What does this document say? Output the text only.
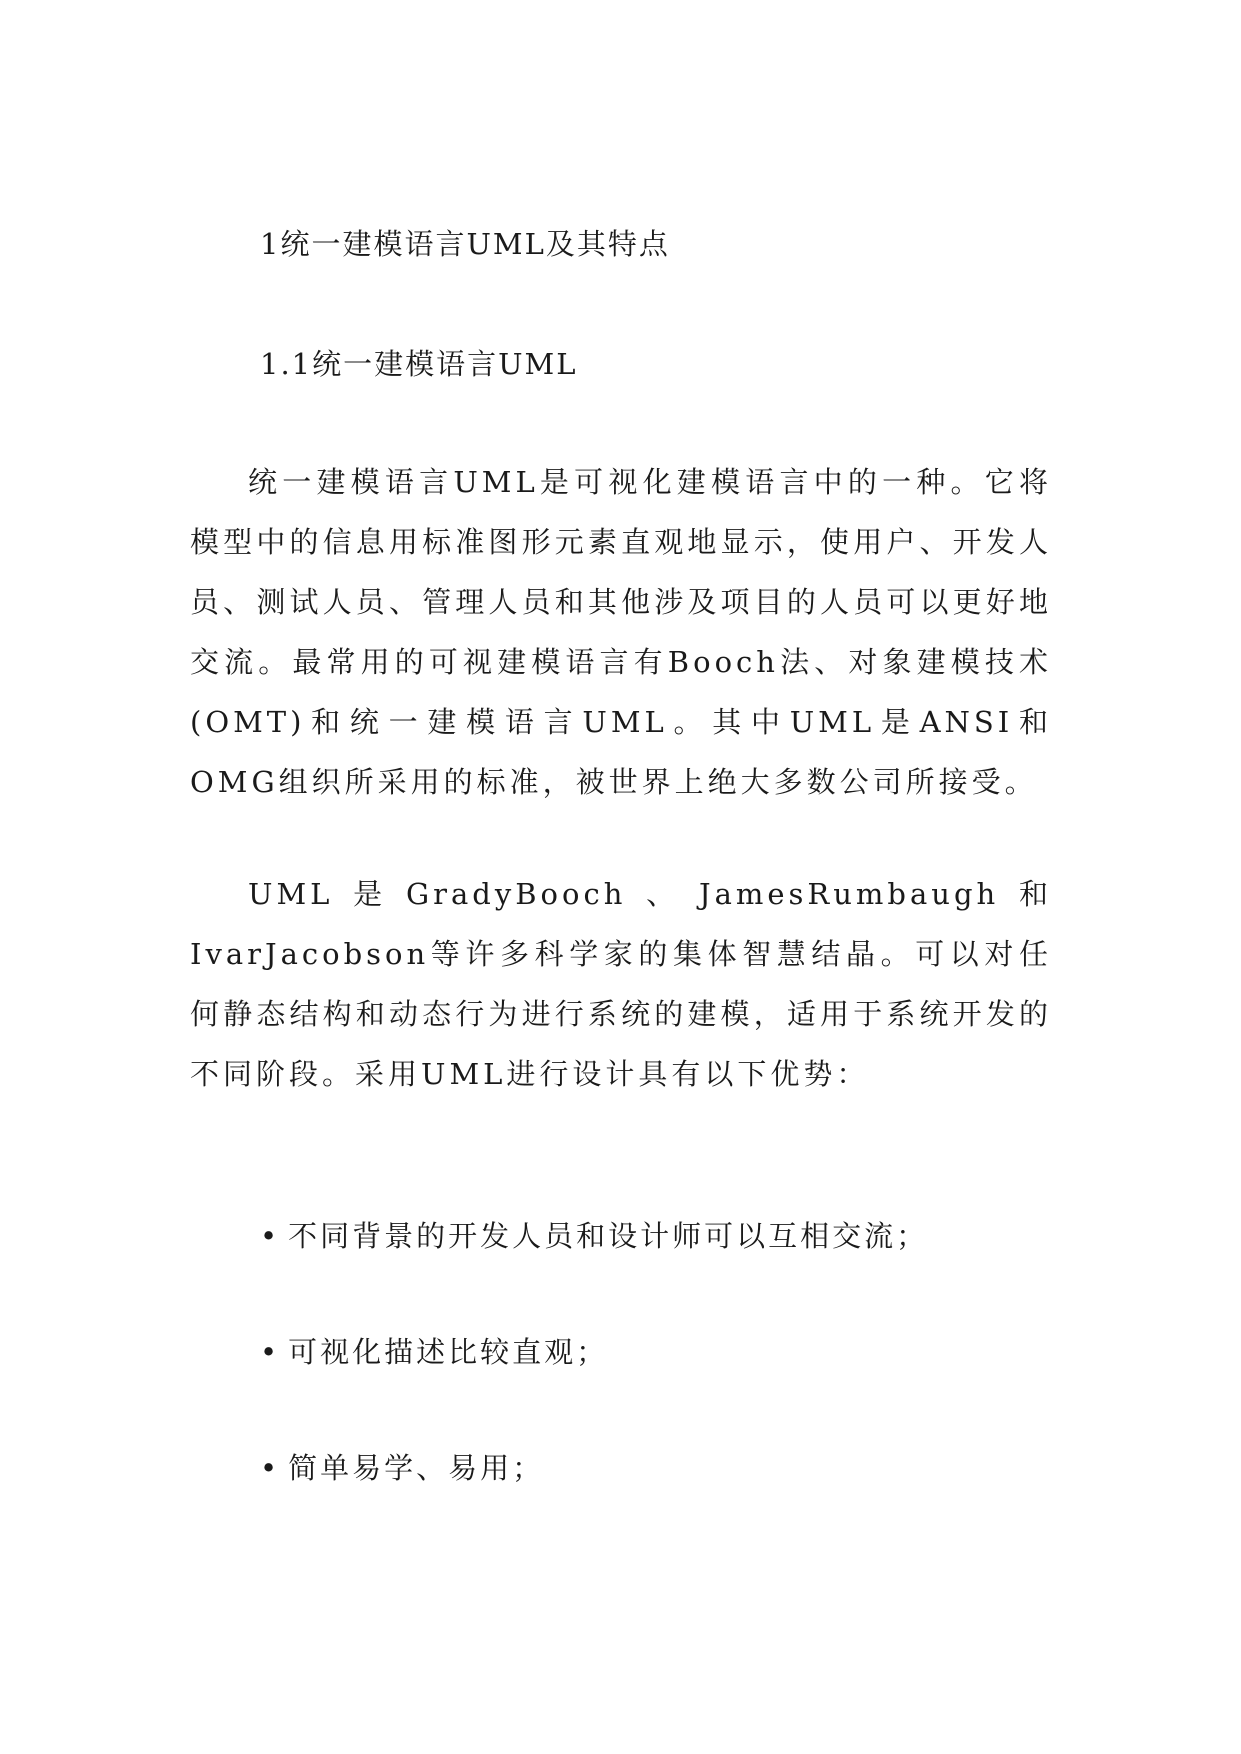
1统一建模语言UML及其特点
1.1统一建模语言UML

统一建模语言UML是可视化建模语言中的一种。它将模型中的信息用标准图形元素直观地显示，使用户、开发人员、测试人员、管理人员和其他涉及项目的人员可以更好地交流。最常用的可视建模语言有Booch法、对象建模技术(OMT)和统一建模语言UML。其中UML是ANSI和OMG组织所采用的标准，被世界上绝大多数公司所接受。

UML是GradyBooch、JamesRumbaugh和IvarJacobson等许多科学家的集体智慧结晶。可以对任何静态结构和动态行为进行系统的建模，适用于系统开发的不同阶段。采用UML进行设计具有以下优势：

• 不同背景的开发人员和设计师可以互相交流；
• 可视化描述比较直观；
• 简单易学、易用；
